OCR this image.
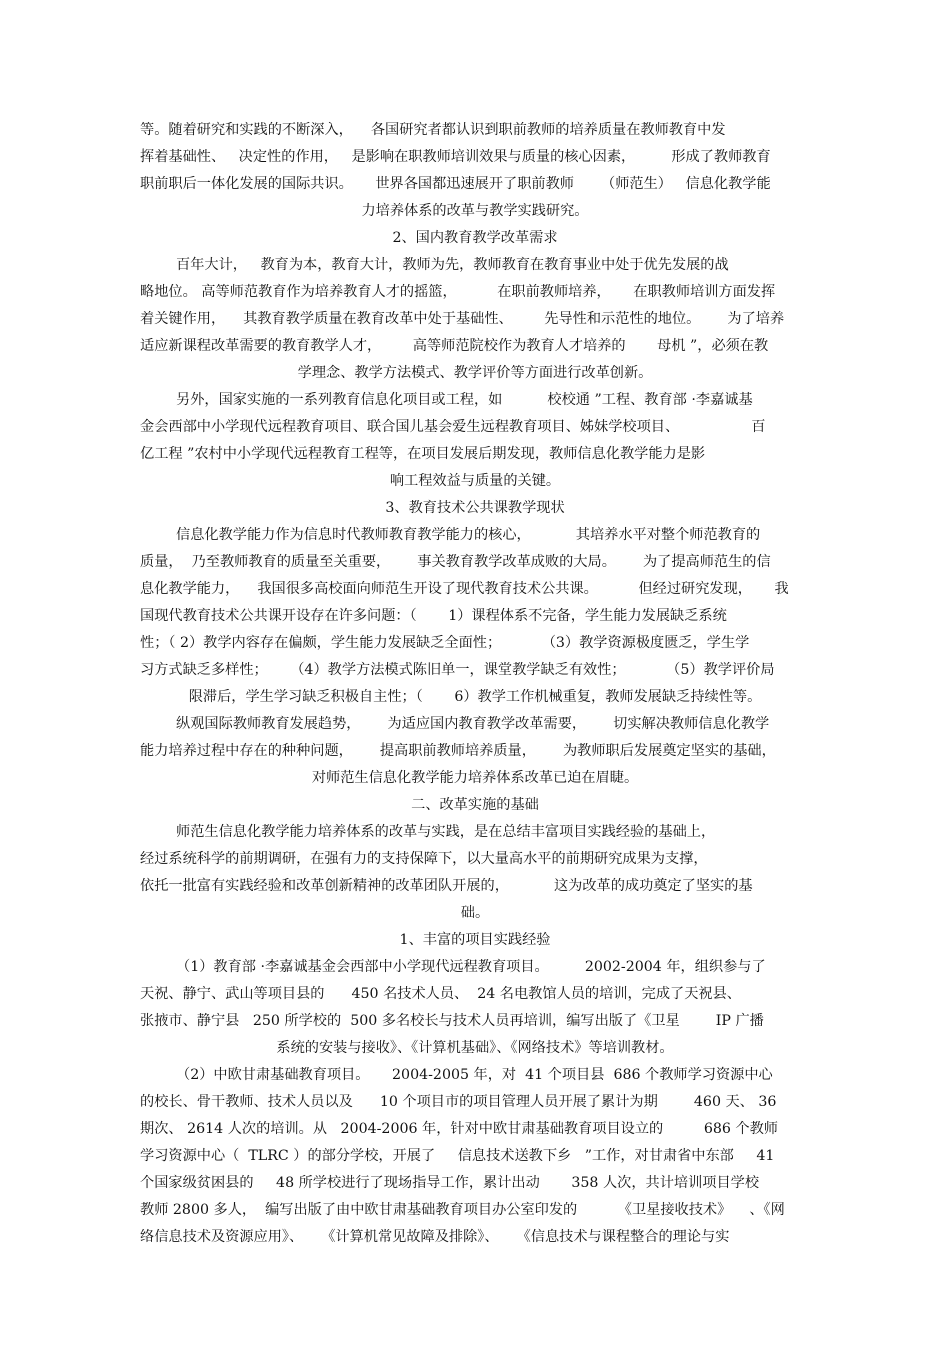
等。随着研究和实践的不断深入，    各国研究者都认识到职前教师的培养质量在教师教育中发
挥着基础性、   决定性的作用，   是影响在职教师培训效果与质量的核心因素，        形成了教师教育
职前职后一体化发展的国际共识。     世界各国都迅速展开了职前教师      （师范生）   信息化教学能
力培养体系的改革与教学实践研究。
2、国内教育教学改革需求
百年大计，   教育为本，教育大计，教师为先，教师教育在教育事业中处于优先发展的战
略地位。 高等师范教育作为培养教育人才的摇篮，         在职前教师培养，     在职教师培训方面发挥
着关键作用，    其教育教学质量在教育改革中处于基础性、       先导性和示范性的地位。      为了培养
适应新课程改革需要的教育教学人才，       高等师范院校作为教育人才培养的       母机 ”，必须在教
学理念、教学方法模式、教学评价等方面进行改革创新。
另外，国家实施的一系列教育信息化项目或工程，如          校校通 ”工程、教育部 ·李嘉诚基
金会西部中小学现代远程教育项目、联合国儿基会爱生远程教育项目、姊妹学校项目、                百
亿工程 ”农村中小学现代远程教育工程等，在项目发展后期发现，教师信息化教学能力是影
响工程效益与质量的关键。
3、教育技术公共课教学现状
信息化教学能力作为信息时代教师教育教学能力的核心，          其培养水平对整个师范教育的
质量，  乃至教师教育的质量至关重要，      事关教育教学改革成败的大局。      为了提高师范生的信
息化教学能力，    我国很多高校面向师范生开设了现代教育技术公共课。         但经过研究发现，     我
国现代教育技术公共课开设存在许多问题：（       1）课程体系不完备，学生能力发展缺乏系统
性；（ 2）教学内容存在偏颇，学生能力发展缺乏全面性；         （3）教学资源极度匮乏，学生学
习方式缺乏多样性；     （4）教学方法模式陈旧单一，课堂教学缺乏有效性；         （5）教学评价局
限滞后，学生学习缺乏积极自主性；（       6）教学工作机械重复，教师发展缺乏持续性等。
纵观国际教师教育发展趋势，      为适应国内教育教学改革需要，      切实解决教师信息化教学
能力培养过程中存在的种种问题，      提高职前教师培养质量，      为教师职后发展奠定坚实的基础，
对师范生信息化教学能力培养体系改革已迫在眉睫。
二、改革实施的基础
师范生信息化教学能力培养体系的改革与实践，是在总结丰富项目实践经验的基础上，
经过系统科学的前期调研，在强有力的支持保障下，以大量高水平的前期研究成果为支撑，
依托一批富有实践经验和改革创新精神的改革团队开展的，          这为改革的成功奠定了坚实的基
础。
1、丰富的项目实践经验
（1）教育部 ·李嘉诚基金会西部中小学现代远程教育项目。        2002-2004 年，组织参与了
天祝、静宁、武山等项目县的      450 名技术人员、  24 名电教馆人员的培训，完成了天祝县、
张掖市、静宁县   250 所学校的  500 多名校长与技术人员再培训，编写出版了《卫星        IP 广播
系统的安装与接收》、《计算机基础》、《网络技术》等培训教材。
（2）中欧甘肃基础教育项目。     2004-2005 年，对  41 个项目县  686 个教师学习资源中心
的校长、骨干教师、技术人员以及      10 个项目市的项目管理人员开展了累计为期        460 天、 36
期次、 2614 人次的培训。从   2004-2006 年，针对中欧甘肃基础教育项目设立的         686 个教师
学习资源中心（  TLRC ）的部分学校，开展了     信息技术送教下乡   ”工作，对甘肃省中东部     41
个国家级贫困县的     48 所学校进行了现场指导工作，累计出动       358 人次，共计培训项目学校
教师 2800 多人，  编写出版了由中欧甘肃基础教育项目办公室印发的         《卫星接收技术》    、《网
络信息技术及资源应用》、    《计算机常见故障及排除》、    《信息技术与课程整合的理论与实
